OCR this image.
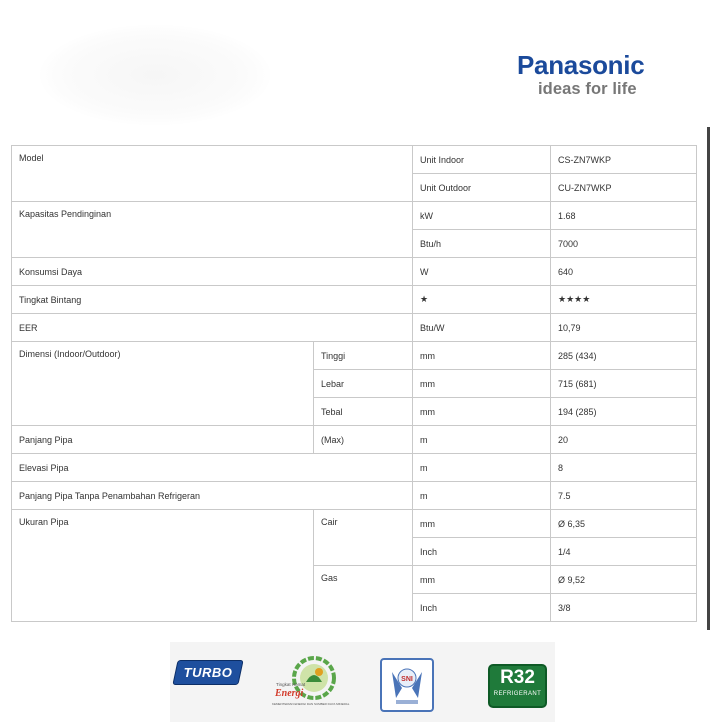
Panasonic
ideas for life
Model		Unit Indoor	CS-ZN7WKP
		Unit Outdoor	CU-ZN7WKP
Kapasitas Pendinginan		kW	1.68
		Btu/h	7000
Konsumsi Daya		W	640
Tingkat Bintang		★	★★★★
EER		Btu/W	10,79
Dimensi (Indoor/Outdoor)	Tinggi	mm	285 (434)
	Lebar	mm	715 (681)
	Tebal	mm	194 (285)
Panjang Pipa	(Max)	m	20
Elevasi Pipa		m	8
Panjang Pipa Tanpa Penambahan Refrigeran		m	7.5
Ukuran Pipa	Cair	mm	Ø 6,35
		Inch	1/4
	Gas	mm	Ø 9,52
		Inch	3/8
TURBO
Tingkat Hemat
Energi
KEMENTERIAN ENERGI DAN SUMBER DAYA MINERAL
SNI	R32
REFRIGERANT
